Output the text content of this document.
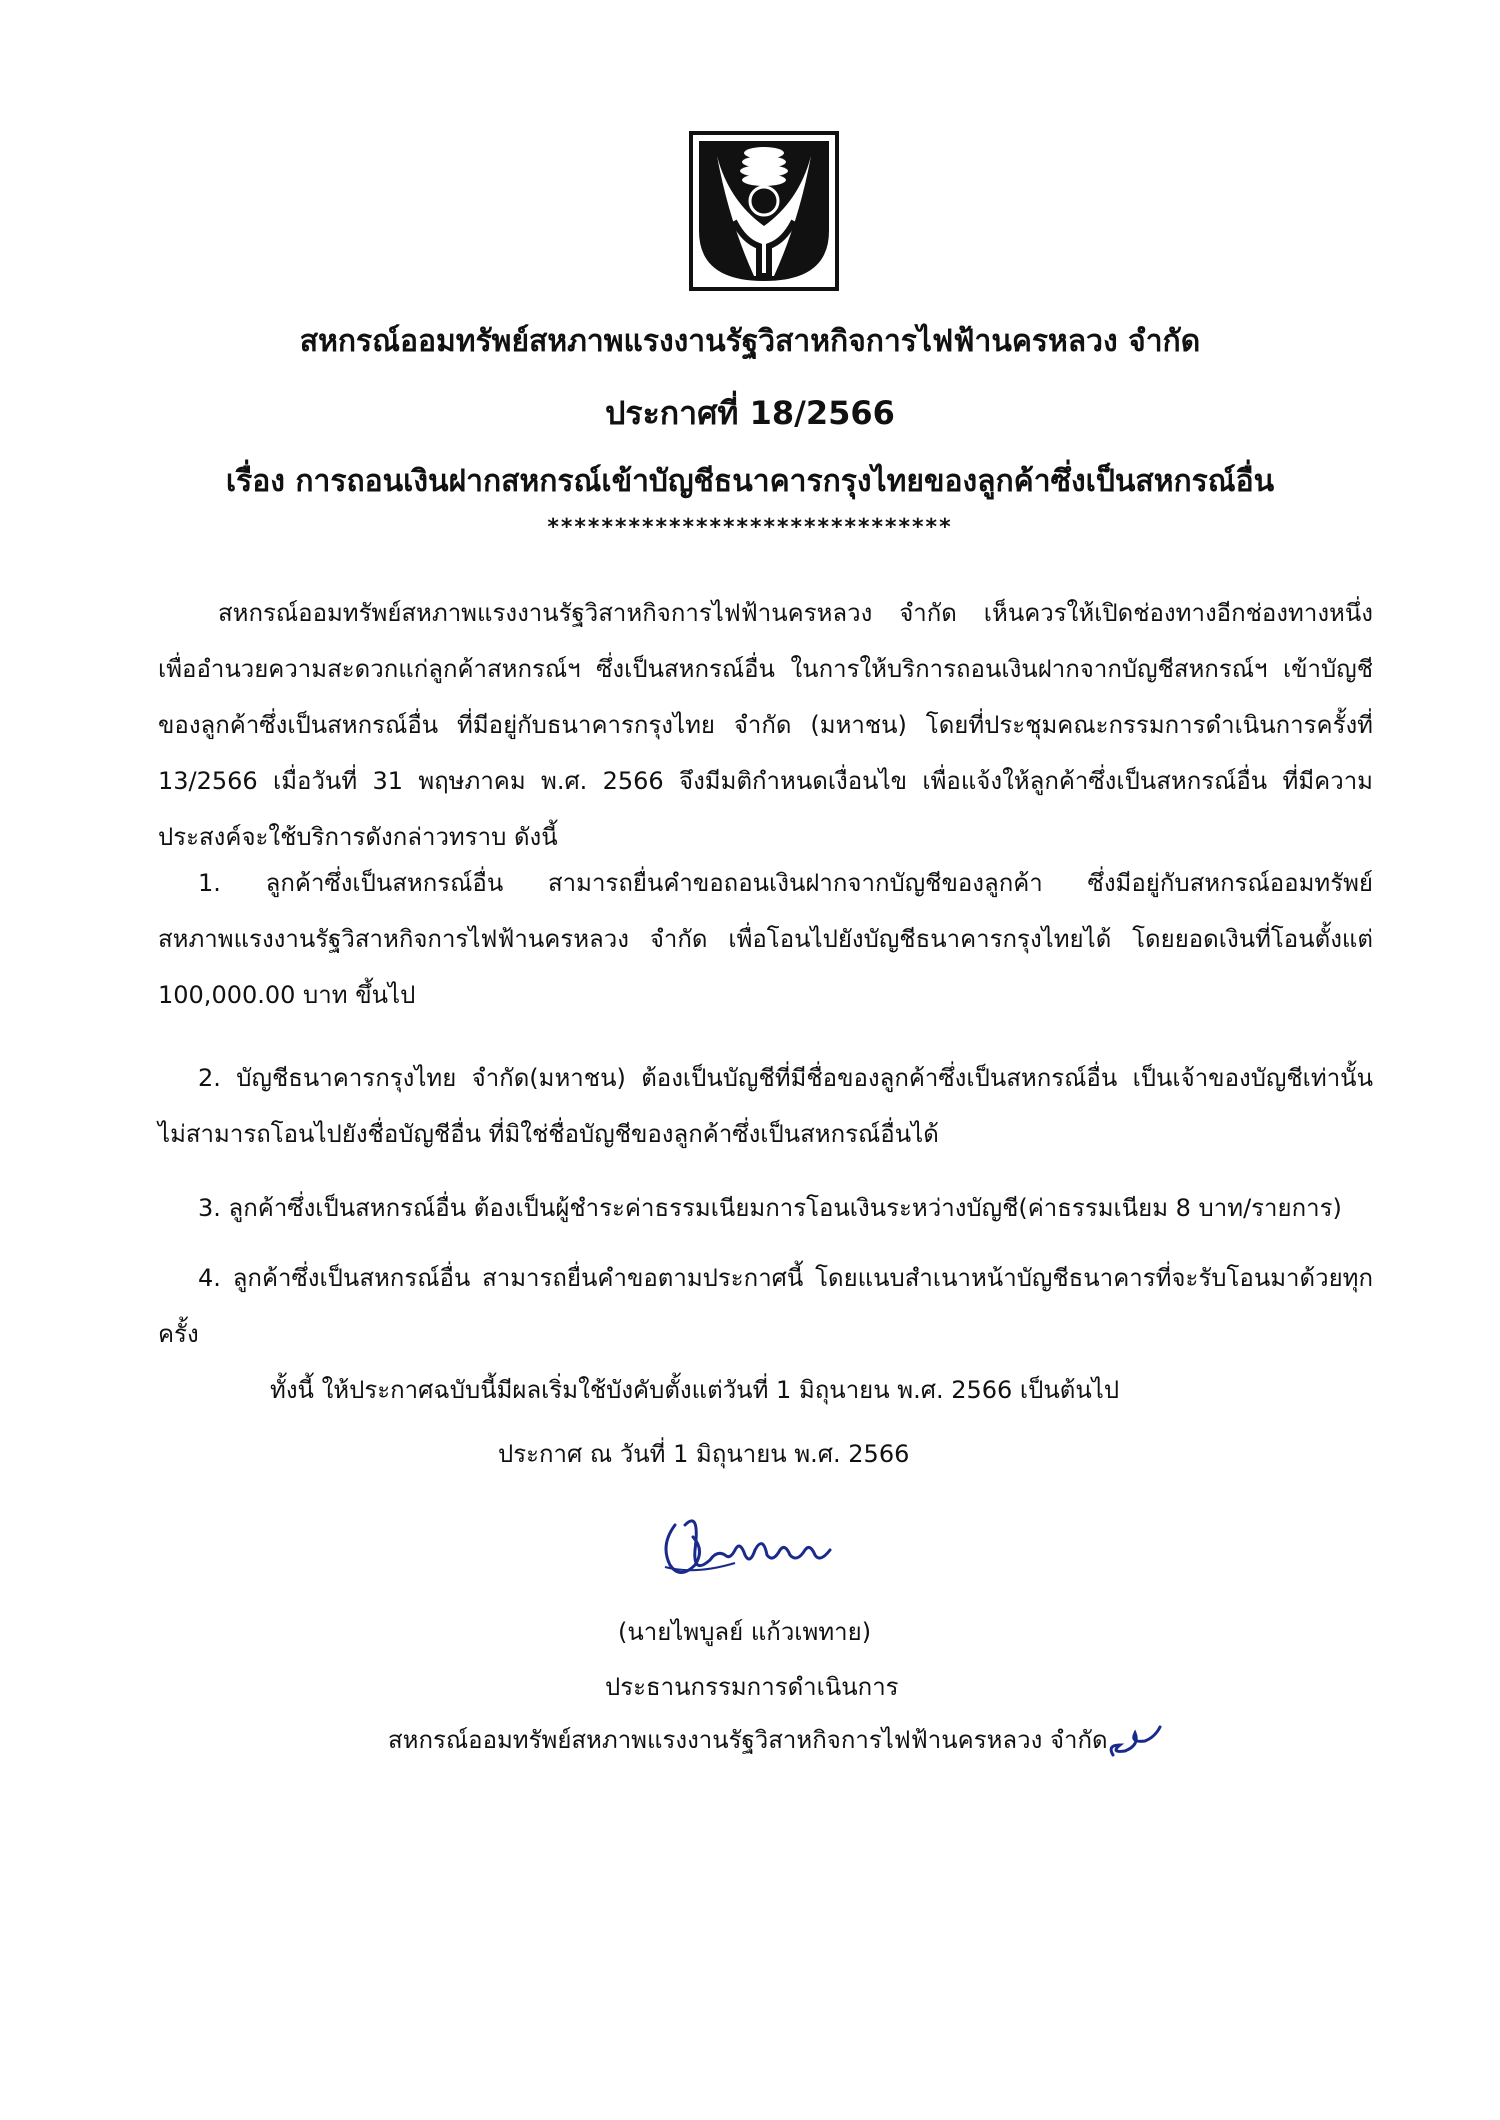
สหกรณ์ออมทรัพย์สหภาพแรงงานรัฐวิสาหกิจการไฟฟ้านครหลวง จำกัด
ประกาศที่ 18/2566
เรื่อง การถอนเงินฝากสหกรณ์เข้าบัญชีธนาคารกรุงไทยของลูกค้าซึ่งเป็นสหกรณ์อื่น
******************************
สหกรณ์ออมทรัพย์สหภาพแรงงานรัฐวิสาหกิจการไฟฟ้านครหลวง จำกัด เห็นควรให้เปิดช่องทางอีกช่องทางหนึ่ง เพื่ออำนวยความสะดวกแก่ลูกค้าสหกรณ์ฯ ซึ่งเป็นสหกรณ์อื่น ในการให้บริการถอนเงินฝากจากบัญชีสหกรณ์ฯ เข้าบัญชีของลูกค้าซึ่งเป็นสหกรณ์อื่น ที่มีอยู่กับธนาคารกรุงไทย จำกัด (มหาชน) โดยที่ประชุมคณะกรรมการดำเนินการครั้งที่ 13/2566 เมื่อวันที่ 31 พฤษภาคม พ.ศ. 2566 จึงมีมติกำหนดเงื่อนไข เพื่อแจ้งให้ลูกค้าซึ่งเป็นสหกรณ์อื่น ที่มีความประสงค์จะใช้บริการดังกล่าวทราบ ดังนี้
1. ลูกค้าซึ่งเป็นสหกรณ์อื่น สามารถยื่นคำขอถอนเงินฝากจากบัญชีของลูกค้า ซึ่งมีอยู่กับสหกรณ์ออมทรัพย์สหภาพแรงงานรัฐวิสาหกิจการไฟฟ้านครหลวง จำกัด เพื่อโอนไปยังบัญชีธนาคารกรุงไทยได้ โดยยอดเงินที่โอนตั้งแต่ 100,000.00 บาท ขึ้นไป
2. บัญชีธนาคารกรุงไทย จำกัด(มหาชน) ต้องเป็นบัญชีที่มีชื่อของลูกค้าซึ่งเป็นสหกรณ์อื่น เป็นเจ้าของบัญชีเท่านั้น ไม่สามารถโอนไปยังชื่อบัญชีอื่น ที่มิใช่ชื่อบัญชีของลูกค้าซึ่งเป็นสหกรณ์อื่นได้
3. ลูกค้าซึ่งเป็นสหกรณ์อื่น ต้องเป็นผู้ชำระค่าธรรมเนียมการโอนเงินระหว่างบัญชี(ค่าธรรมเนียม 8 บาท/รายการ)
4. ลูกค้าซึ่งเป็นสหกรณ์อื่น สามารถยื่นคำขอตามประกาศนี้ โดยแนบสำเนาหน้าบัญชีธนาคารที่จะรับโอนมาด้วยทุกครั้ง
ทั้งนี้ ให้ประกาศฉบับนี้มีผลเริ่มใช้บังคับตั้งแต่วันที่ 1 มิถุนายน พ.ศ. 2566 เป็นต้นไป
ประกาศ ณ วันที่ 1 มิถุนายน พ.ศ. 2566
(นายไพบูลย์ แก้วเพทาย)
ประธานกรรมการดำเนินการ
สหกรณ์ออมทรัพย์สหภาพแรงงานรัฐวิสาหกิจการไฟฟ้านครหลวง จำกัด
